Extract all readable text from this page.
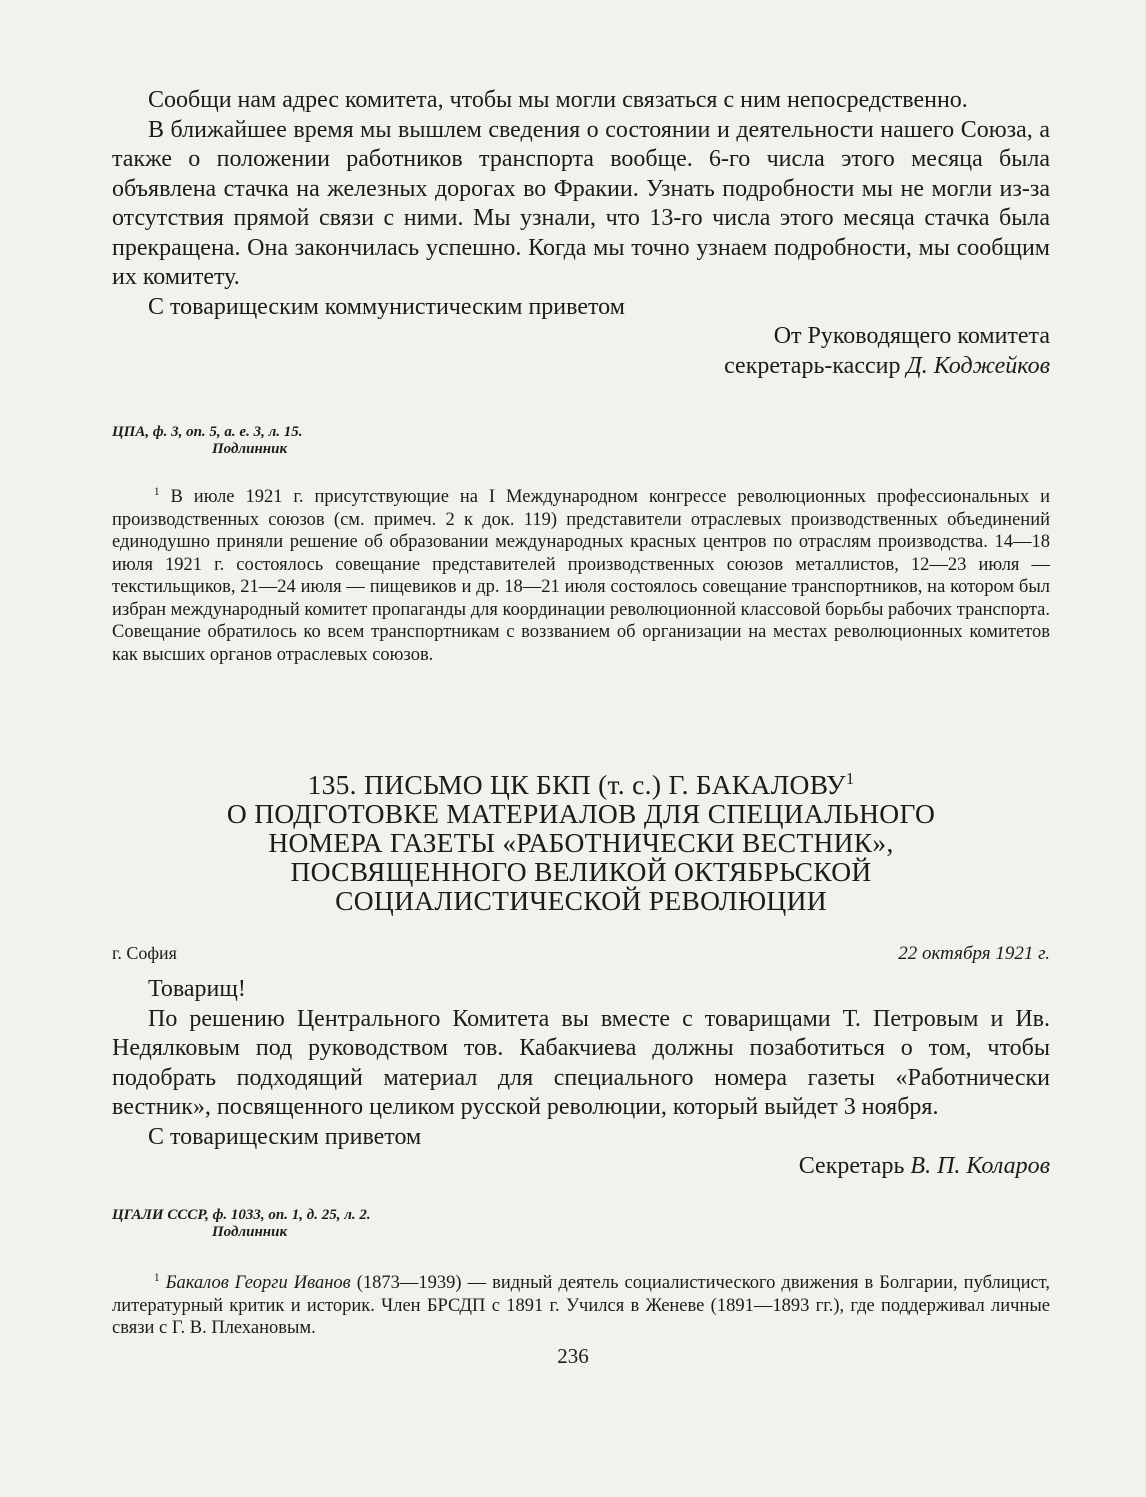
Сообщи нам адрес комитета, чтобы мы могли связаться с ним непосредственно.

В ближайшее время мы вышлем сведения о состоянии и деятельности нашего Союза, а также о положении работников транспорта вообще. 6-го числа этого месяца была объявлена стачка на железных дорогах во Фракии. Узнать подробности мы не могли из-за отсутствия прямой связи с ними. Мы узнали, что 13-го числа этого месяца стачка была прекращена. Она закончилась успешно. Когда мы точно узнаем подробности, мы сообщим их комитету.

С товарищеским коммунистическим приветом

От Руководящего комитета
секретарь-кассир Д. Коджейков
ЦПА, ф. 3, оп. 5, а. е. 3, л. 15.
Подлинник

$^1$ В июле 1921 г. присутствующие на I Международном конгрессе революционных профессиональных и производственных союзов (см. примеч. 2 к док. 119) представители отраслевых производственных объединений единодушно приняли решение об образовании международных красных центров по отраслям производства. 14—18 июля 1921 г. состоялось совещание представителей производственных союзов металлистов, 12—23 июля — текстильщиков, 21—24 июля — пищевиков и др. 18—21 июля состоялось совещание транспортников, на котором был избран международный комитет пропаганды для координации революционной классовой борьбы рабочих транспорта. Совещание обратилось ко всем транспортникам с воззванием об организации на местах революционных комитетов как высших органов отраслевых союзов.

135. ПИСЬМО ЦК БКП (т. с.) Г. БАКАЛОВУ$^1$
О ПОДГОТОВКЕ МАТЕРИАЛОВ ДЛЯ СПЕЦИАЛЬНОГО
НОМЕРА ГАЗЕТЫ «РАБОТНИЧЕСКИ ВЕСТНИК»,
ПОСВЯЩЕННОГО ВЕЛИКОЙ ОКТЯБРЬСКОЙ
СОЦИАЛИСТИЧЕСКОЙ РЕВОЛЮЦИИ
г. София	22 октября 1921 г.

Товарищ!

По решению Центрального Комитета вы вместе с товарищами Т. Петровым и Ив. Недялковым под руководством тов. Кабакчиева должны позаботиться о том, чтобы подобрать подходящий материал для специального номера газеты «Работнически вестник», посвященного целиком русской революции, который выйдет 3 ноября.

С товарищеским приветом

Секретарь В. П. Коларов
ЦГАЛИ СССР, ф. 1033, оп. 1, д. 25, л. 2.
Подлинник

$^1$ Бакалов Георги Иванов (1873—1939) — видный деятель социалистического движения в Болгарии, публицист, литературный критик и историк. Член БРСДП с 1891 г. Учился в Женеве (1891—1893 гг.), где поддерживал личные связи с Г. В. Плехановым.

236
